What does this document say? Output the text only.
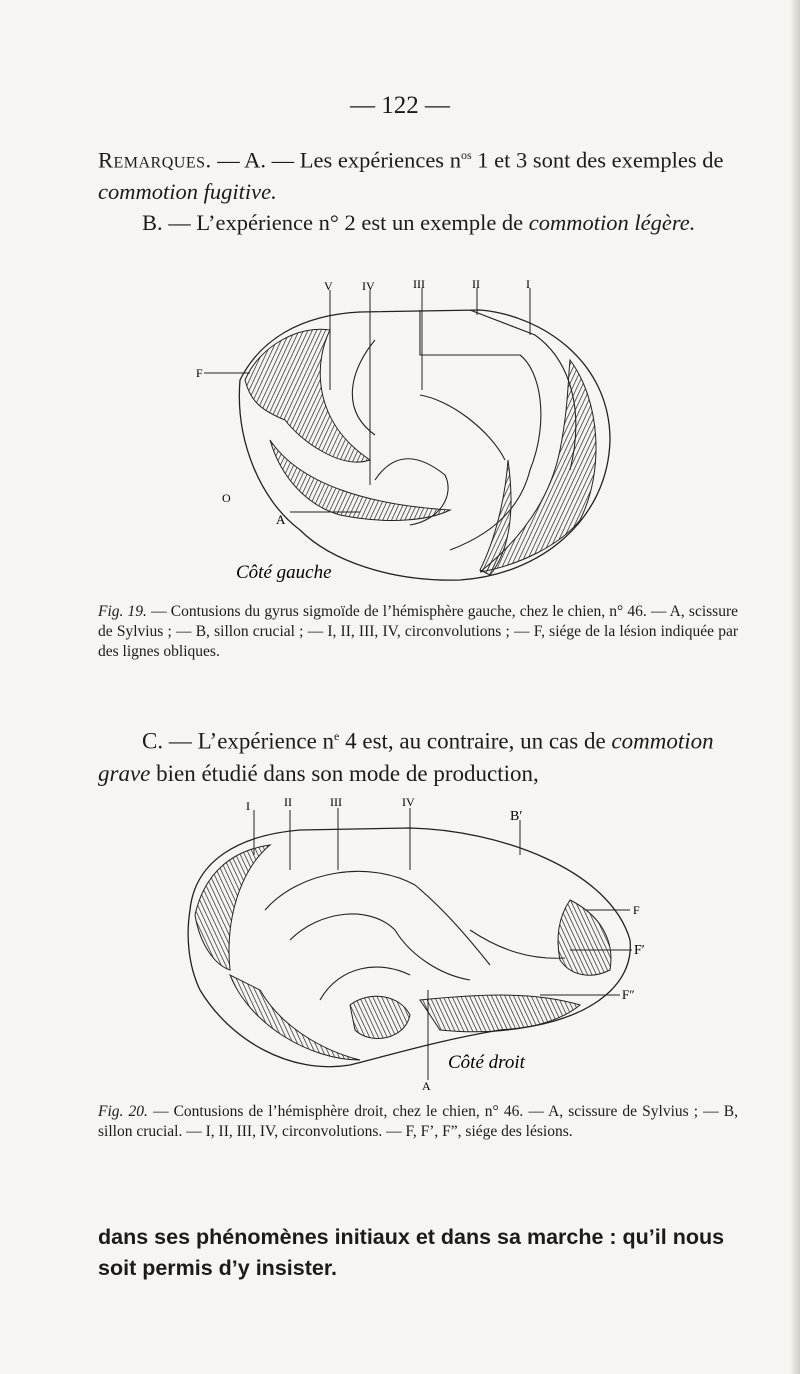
— 122 —
Remarques. — A. — Les expériences $n^{os}$ 1 et 3 sont des exemples de commotion fugitive.
B. — L’expérience n° 2 est un exemple de commotion légère.
V IV	III	II	I
F
O
A
Côté gauche
Fig. 19. — Contusions du gyrus sigmoïde de l’hémisphère gauche, chez le chien, n° 46. — A, scissure de Sylvius ; — B, sillon crucial ; — I, II, III, IV, circonvolutions ; — F, siége de la lésion indiquée par des lignes obliques.
C. — L’expérience $n^e$ 4 est, au contraire, un cas de commotion grave bien étudié dans son mode de production,
I	II	III	IV
B′
F
F′
F″
A
Côté droit
Fig. 20. — Contusions de l’hémisphère droit, chez le chien, n° 46. — A, scissure de Sylvius ; — B, sillon crucial. — I, II, III, IV, circonvolutions. — F, F’, F”, siége des lésions.
dans ses phénomènes initiaux et dans sa marche : qu’il nous soit permis d’y insister.
